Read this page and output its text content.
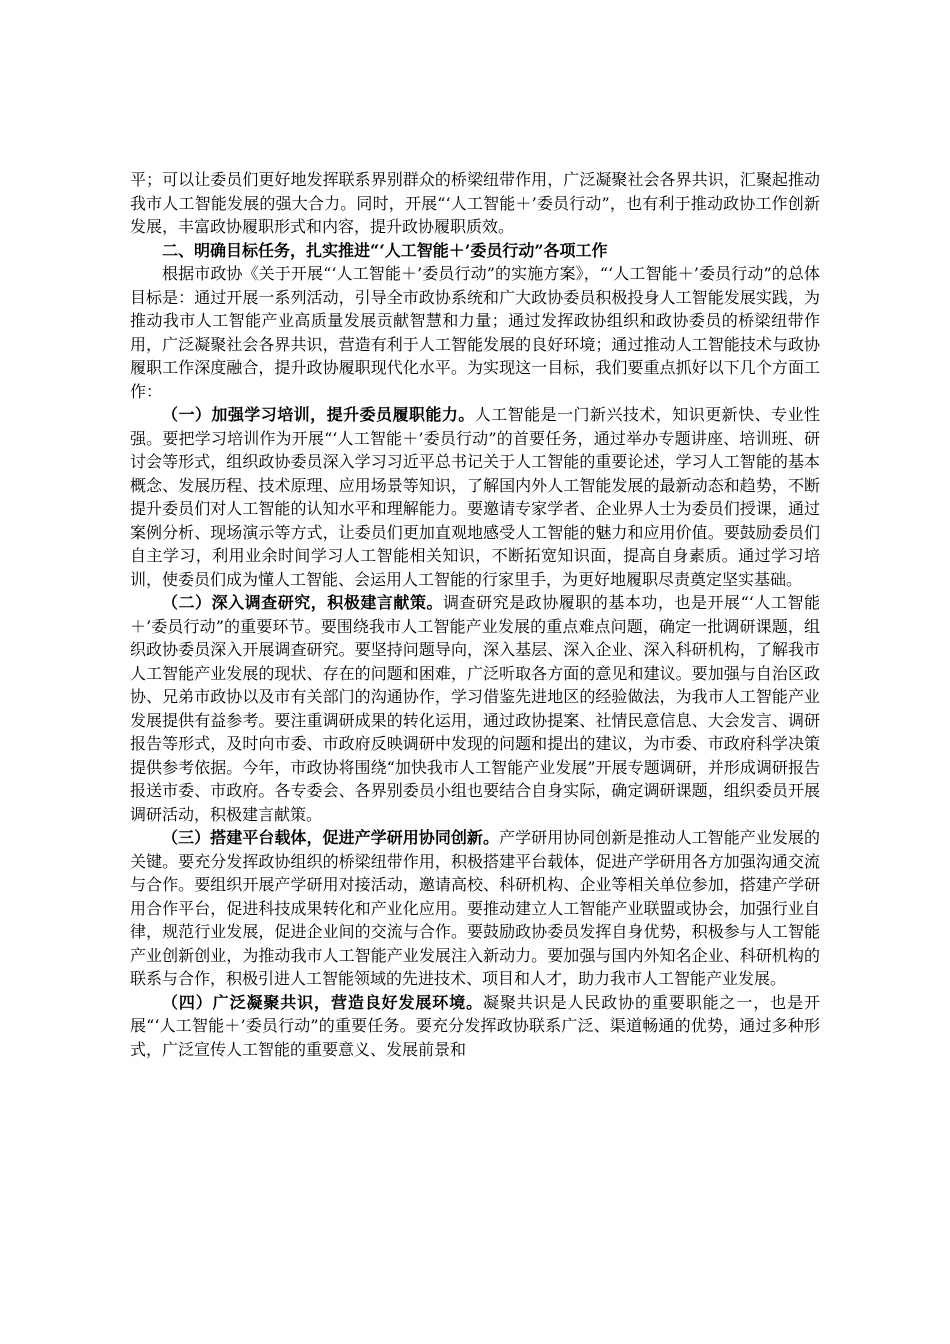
平；可以让委员们更好地发挥联系界别群众的桥梁纽带作用，广泛凝聚社会各界共识，汇聚起推动我市人工智能发展的强大合力。同时，开展“‘人工智能＋’委员行动”，也有利于推动政协工作创新发展，丰富政协履职形式和内容，提升政协履职质效。

二、明确目标任务，扎实推进“‘人工智能＋’委员行动”各项工作

根据市政协《关于开展“‘人工智能＋’委员行动”的实施方案》，“‘人工智能＋’委员行动”的总体目标是：通过开展一系列活动，引导全市政协系统和广大政协委员积极投身人工智能发展实践，为推动我市人工智能产业高质量发展贡献智慧和力量；通过发挥政协组织和政协委员的桥梁纽带作用，广泛凝聚社会各界共识，营造有利于人工智能发展的良好环境；通过推动人工智能技术与政协履职工作深度融合，提升政协履职现代化水平。为实现这一目标，我们要重点抓好以下几个方面工作：

（一）加强学习培训，提升委员履职能力。人工智能是一门新兴技术，知识更新快、专业性强。要把学习培训作为开展“‘人工智能＋’委员行动”的首要任务，通过举办专题讲座、培训班、研讨会等形式，组织政协委员深入学习习近平总书记关于人工智能的重要论述，学习人工智能的基本概念、发展历程、技术原理、应用场景等知识，了解国内外人工智能发展的最新动态和趋势，不断提升委员们对人工智能的认知水平和理解能力。要邀请专家学者、企业界人士为委员们授课，通过案例分析、现场演示等方式，让委员们更加直观地感受人工智能的魅力和应用价值。要鼓励委员们自主学习，利用业余时间学习人工智能相关知识，不断拓宽知识面，提高自身素质。通过学习培训，使委员们成为懂人工智能、会运用人工智能的行家里手，为更好地履职尽责奠定坚实基础。

（二）深入调查研究，积极建言献策。调查研究是政协履职的基本功，也是开展“‘人工智能＋’委员行动”的重要环节。要围绕我市人工智能产业发展的重点难点问题，确定一批调研课题，组织政协委员深入开展调查研究。要坚持问题导向，深入基层、深入企业、深入科研机构，了解我市人工智能产业发展的现状、存在的问题和困难，广泛听取各方面的意见和建议。要加强与自治区政协、兄弟市政协以及市有关部门的沟通协作，学习借鉴先进地区的经验做法，为我市人工智能产业发展提供有益参考。要注重调研成果的转化运用，通过政协提案、社情民意信息、大会发言、调研报告等形式，及时向市委、市政府反映调研中发现的问题和提出的建议，为市委、市政府科学决策提供参考依据。今年，市政协将围绕“加快我市人工智能产业发展”开展专题调研，并形成调研报告报送市委、市政府。各专委会、各界别委员小组也要结合自身实际，确定调研课题，组织委员开展调研活动，积极建言献策。

（三）搭建平台载体，促进产学研用协同创新。产学研用协同创新是推动人工智能产业发展的关键。要充分发挥政协组织的桥梁纽带作用，积极搭建平台载体，促进产学研用各方加强沟通交流与合作。要组织开展产学研用对接活动，邀请高校、科研机构、企业等相关单位参加，搭建产学研用合作平台，促进科技成果转化和产业化应用。要推动建立人工智能产业联盟或协会，加强行业自律，规范行业发展，促进企业间的交流与合作。要鼓励政协委员发挥自身优势，积极参与人工智能产业创新创业，为推动我市人工智能产业发展注入新动力。要加强与国内外知名企业、科研机构的联系与合作，积极引进人工智能领域的先进技术、项目和人才，助力我市人工智能产业发展。

（四）广泛凝聚共识，营造良好发展环境。凝聚共识是人民政协的重要职能之一，也是开展“‘人工智能＋’委员行动”的重要任务。要充分发挥政协联系广泛、渠道畅通的优势，通过多种形式，广泛宣传人工智能的重要意义、发展前景和
